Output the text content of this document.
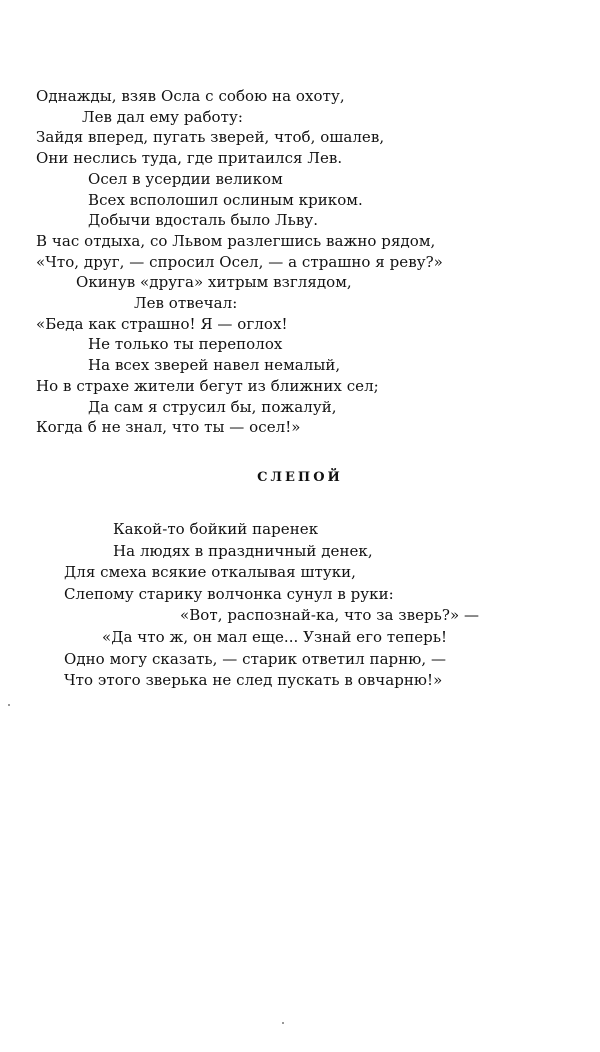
Однажды, взяв Осла с собою на охоту,
Лев дал ему работу:
Зайдя вперед, пугать зверей, чтоб, ошалев,
Они неслись туда, где притаился Лев.
Осел в усердии великом
Всех всполошил ослиным криком.
Добычи вдосталь было Льву.
В час отдыха, со Львом разлегшись важно рядом,
«Что, друг, — спросил Осел, — а страшно я реву?»
Окинув «друга» хитрым взглядом,
Лев отвечал:
«Беда как страшно! Я — оглох!
Не только ты переполох
На всех зверей навел немалый,
Но в страхе жители бегут из ближних сел;
Да сам я струсил бы, пожалуй,
Когда б не знал, что ты — осел!»
СЛЕПОЙ
Какой-то бойкий паренек
На людях в праздничный денек,
Для смеха всякие откалывая штуки,
Слепому старику волчонка сунул в руки:
«Вот, распознай-ка, что за зверь?» —
«Да что ж, он мал еще... Узнай его теперь!
Одно могу сказать, — старик ответил парню, —
Что этого зверька не след пускать в овчарню!»
